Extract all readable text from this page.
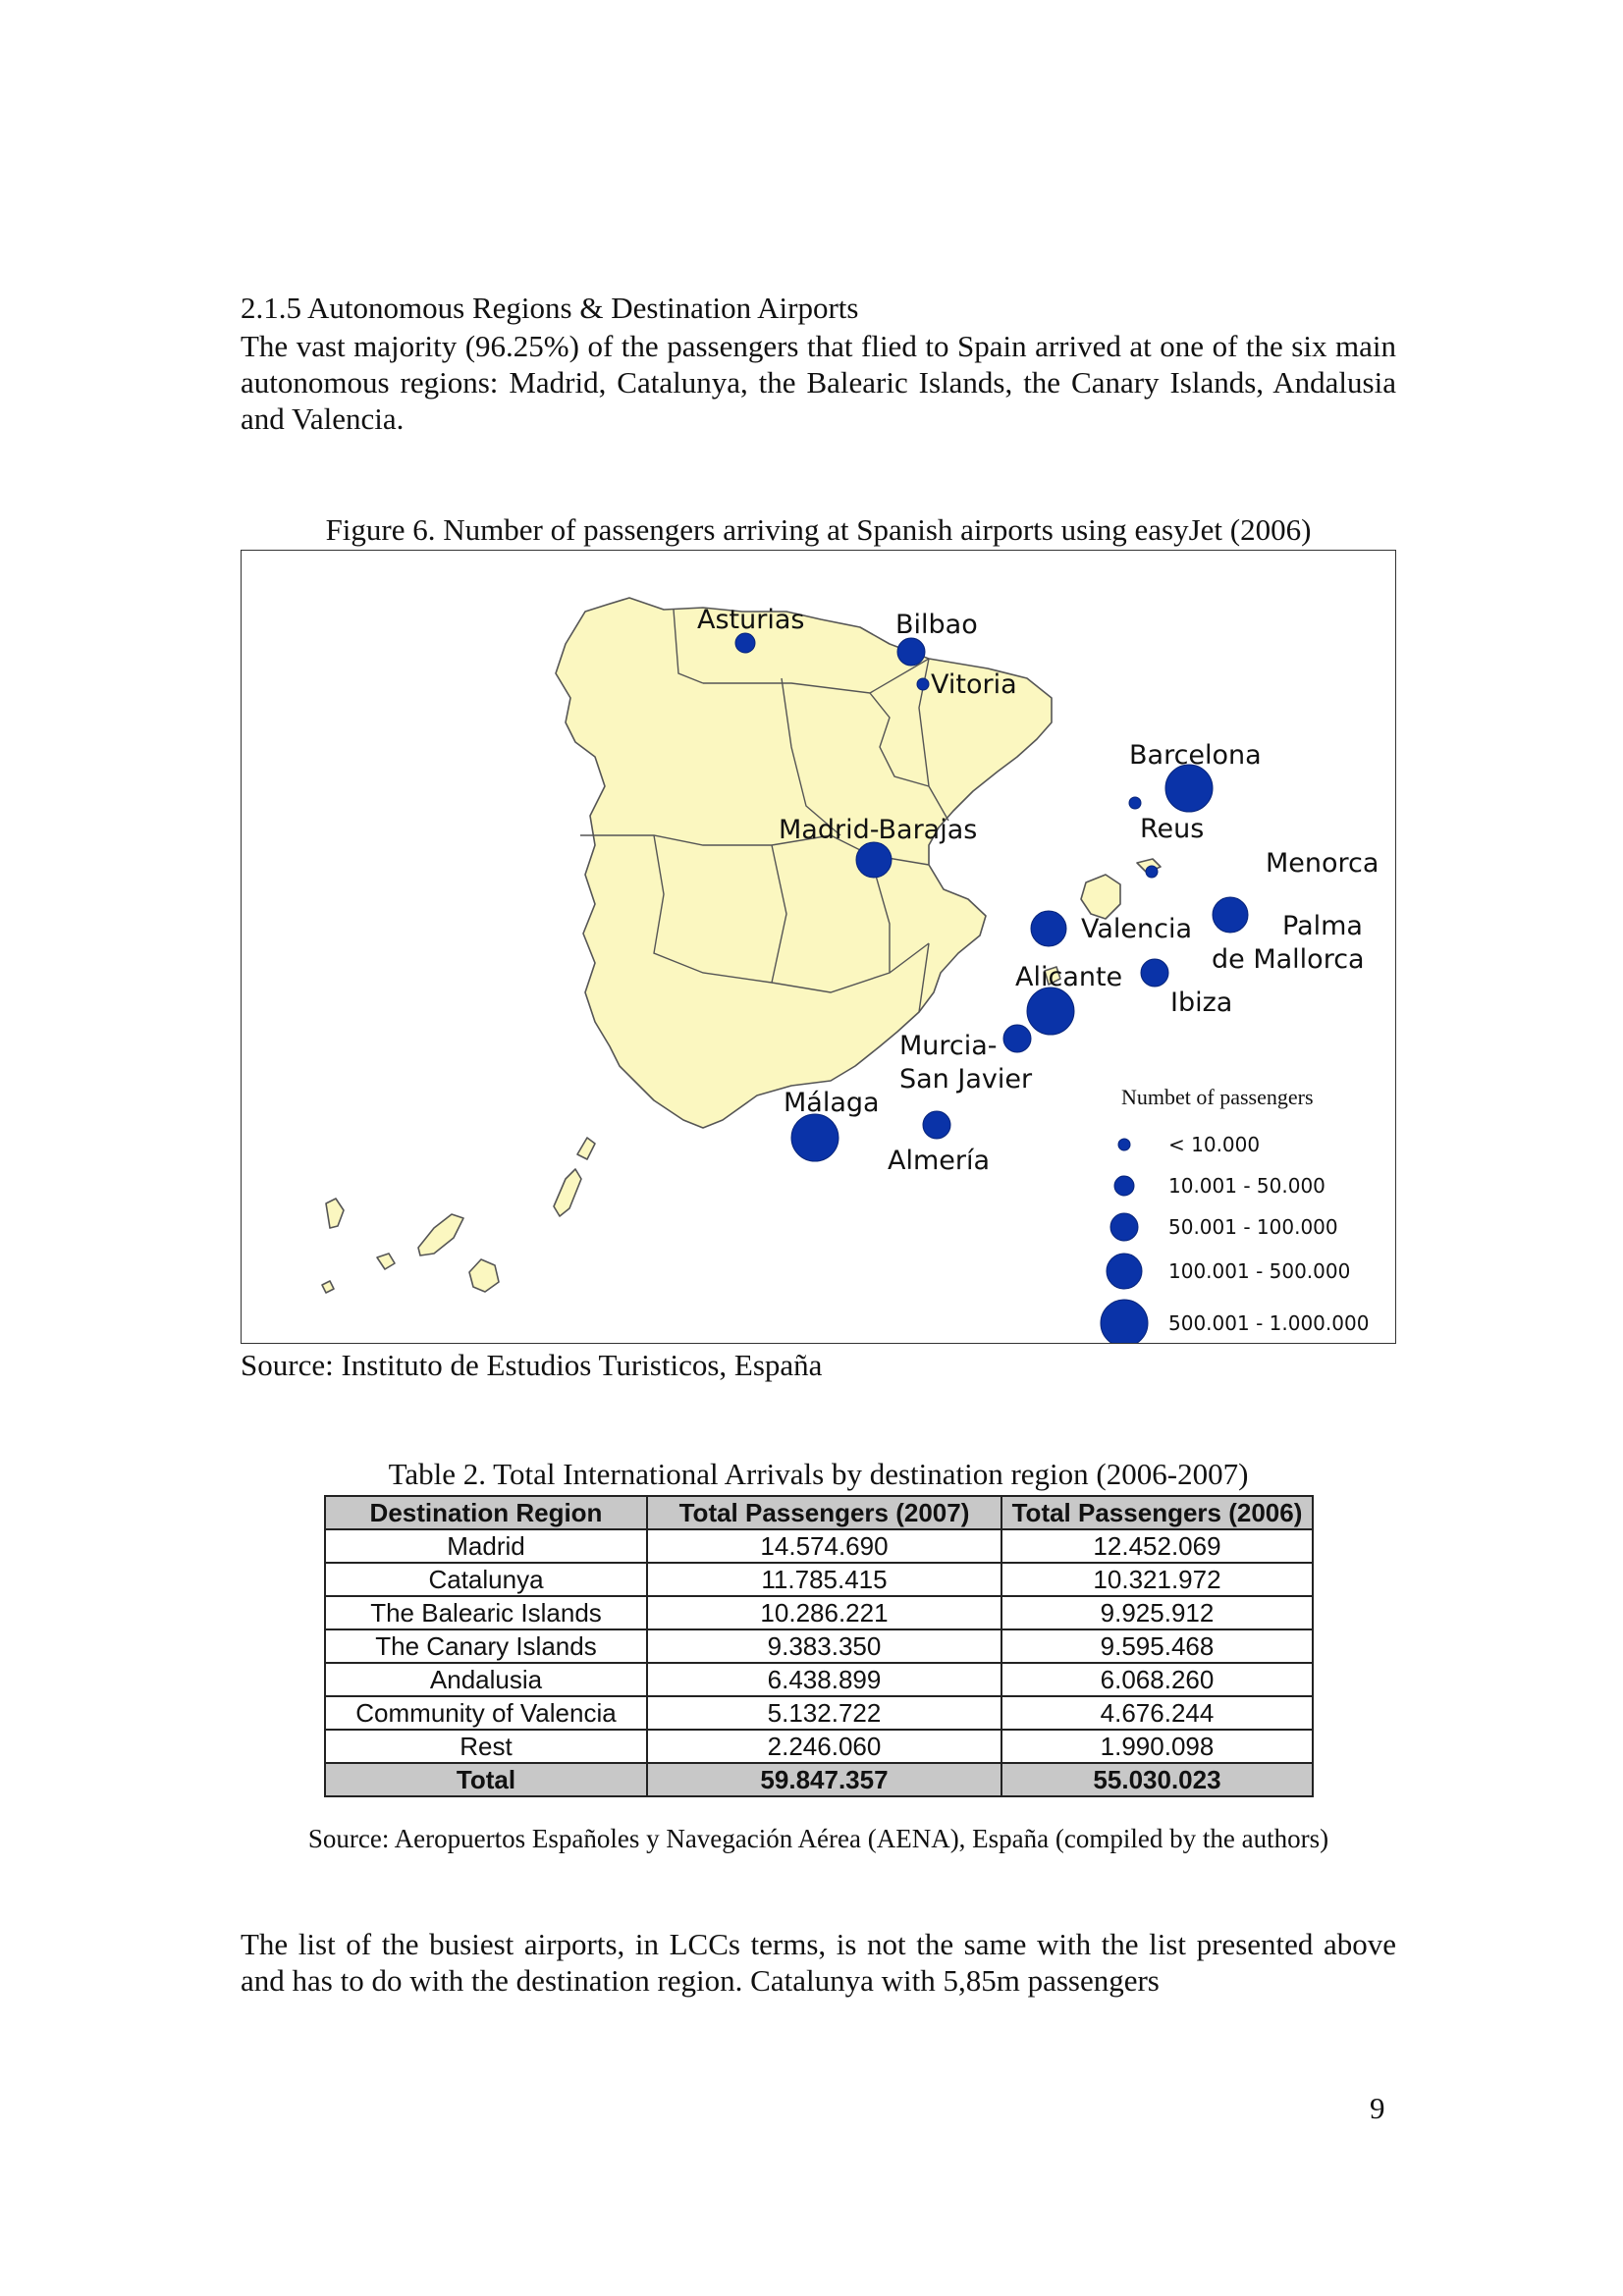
2.1.5 Autonomous Regions & Destination Airports
The vast majority (96.25%) of the passengers that flied to Spain arrived at one of the six main autonomous regions: Madrid, Catalunya, the Balearic Islands, the Canary Islands, Andalusia and Valencia.
Figure 6. Number of passengers arriving at Spanish airports using easyJet (2006)
Asturias	Bilbao
Vitoria
Barcelona
Reus
Madrid-Barajas
Menorca
Palma
de Mallorca
Valencia
Ibiza
Alicante
Murcia-
San Javier
Málaga
Almería
Numbet of passengers
< 10.000
10.001 - 50.000
50.001 - 100.000
100.001 - 500.000
500.001 - 1.000.000
Source: Instituto de Estudios Turisticos, España
Table 2. Total International Arrivals by destination region (2006-2007)
Destination Region	Total Passengers (2007)	Total Passengers (2006)
Madrid	14.574.690	12.452.069
Catalunya	11.785.415	10.321.972
The Balearic Islands	10.286.221	9.925.912
The Canary Islands	9.383.350	9.595.468
Andalusia	6.438.899	6.068.260
Community of Valencia	5.132.722	4.676.244
Rest	2.246.060	1.990.098
Total	59.847.357	55.030.023
Source: Aeropuertos Españoles y Navegación Aérea (AENA), España (compiled by the authors)
The list of the busiest airports, in LCCs terms, is not the same with the list presented above and has to do with the destination region. Catalunya with 5,85m passengers
9
